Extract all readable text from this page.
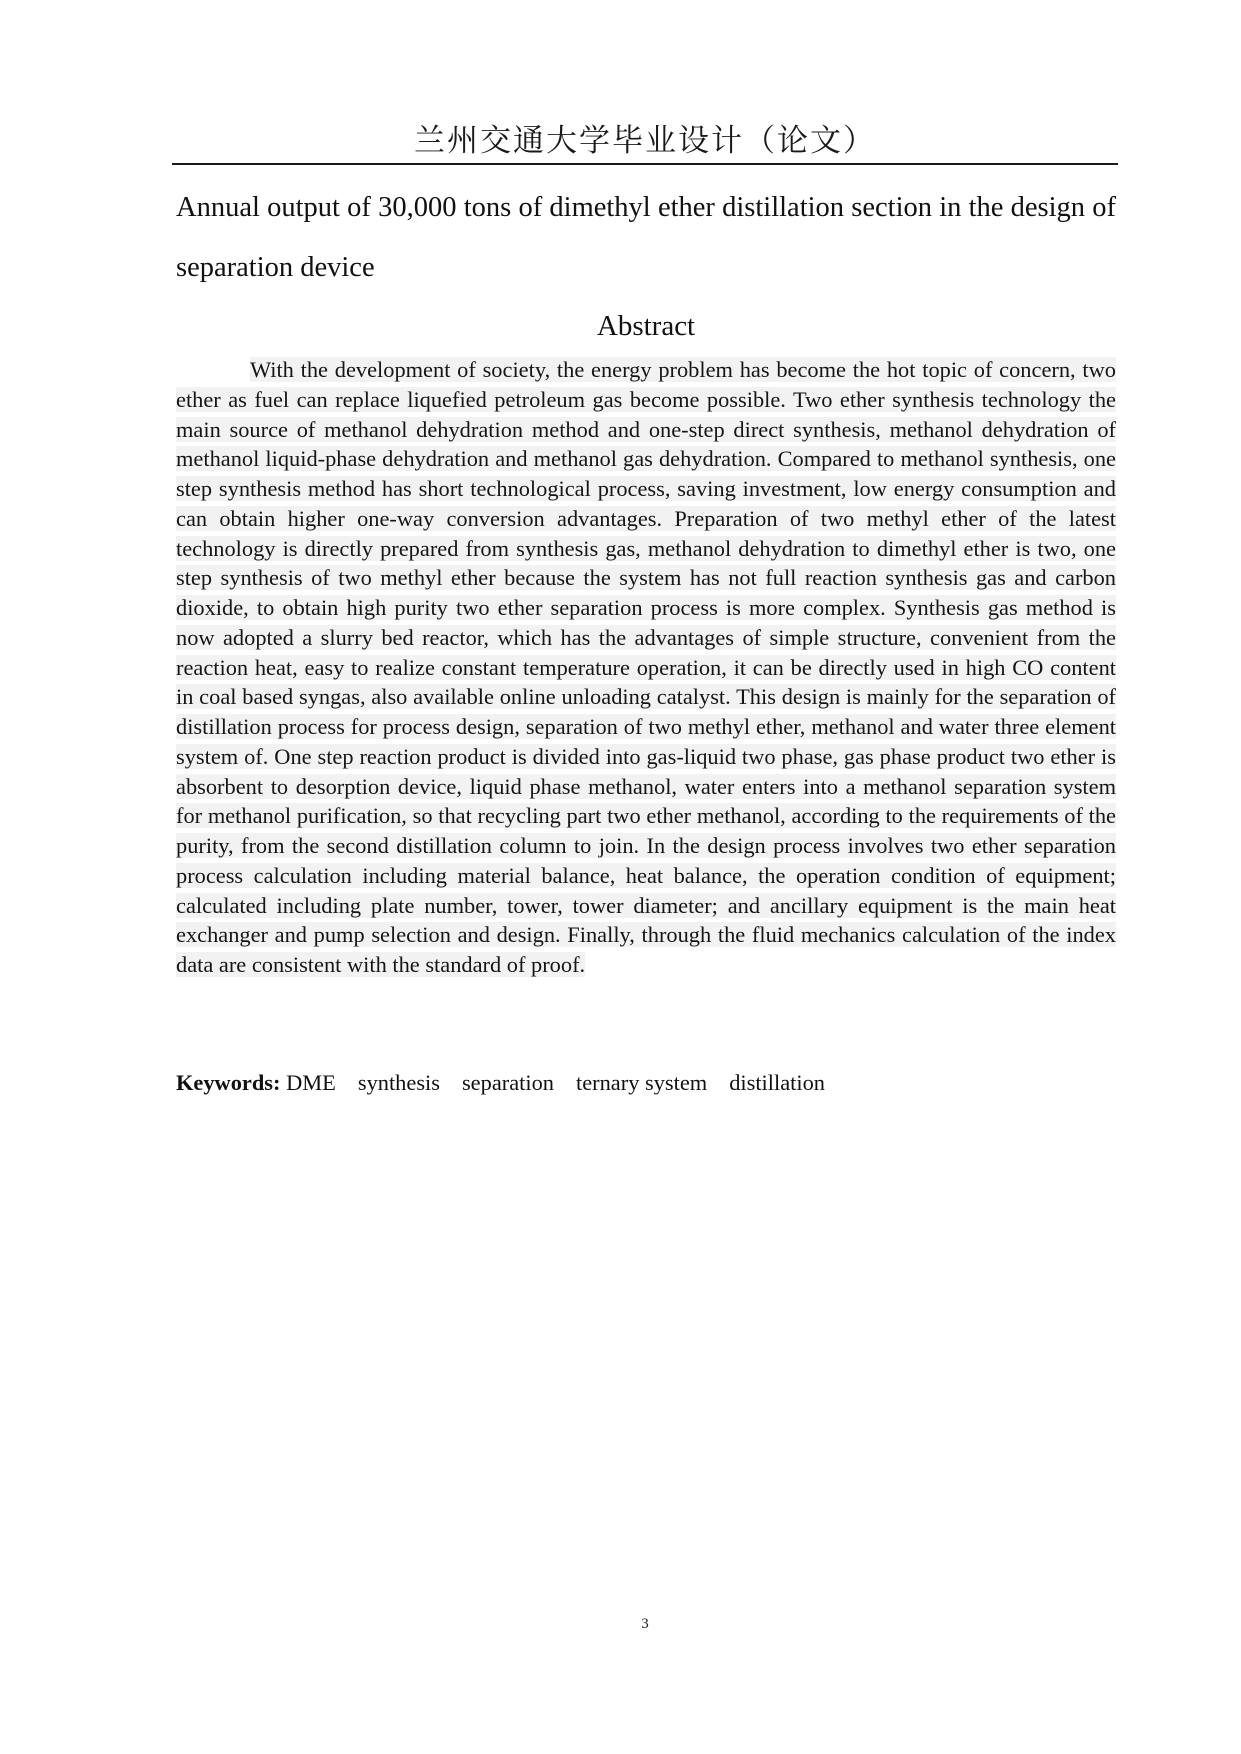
兰州交通大学毕业设计（论文）
Annual output of 30,000 tons of dimethyl ether distillation section in the design of separation device
Abstract

With the development of society, the energy problem has become the hot topic of concern, two ether as fuel can replace liquefied petroleum gas become possible. Two ether synthesis technology the main source of methanol dehydration method and one-step direct synthesis, methanol dehydration of methanol liquid-phase dehydration and methanol gas dehydration. Compared to methanol synthesis, one step synthesis method has short technological process, saving investment, low energy consumption and can obtain higher one-way conversion advantages. Preparation of two methyl ether of the latest technology is directly prepared from synthesis gas, methanol dehydration to dimethyl ether is two, one step synthesis of two methyl ether because the system has not full reaction synthesis gas and carbon dioxide, to obtain high purity two ether separation process is more complex. Synthesis gas method is now adopted a slurry bed reactor, which has the advantages of simple structure, convenient from the reaction heat, easy to realize constant temperature operation, it can be directly used in high CO content in coal based syngas, also available online unloading catalyst. This design is mainly for the separation of distillation process for process design, separation of two methyl ether, methanol and water three element system of. One step reaction product is divided into gas-liquid two phase, gas phase product two ether is absorbent to desorption device, liquid phase methanol, water enters into a methanol separation system for methanol purification, so that recycling part two ether methanol, according to the requirements of the purity, from the second distillation column to join. In the design process involves two ether separation process calculation including material balance, heat balance, the operation condition of equipment; calculated including plate number, tower, tower diameter; and ancillary equipment is the main heat exchanger and pump selection and design. Finally, through the fluid mechanics calculation of the index data are consistent with the standard of proof.

Keywords: DME synthesis separation ternary system distillation

3
